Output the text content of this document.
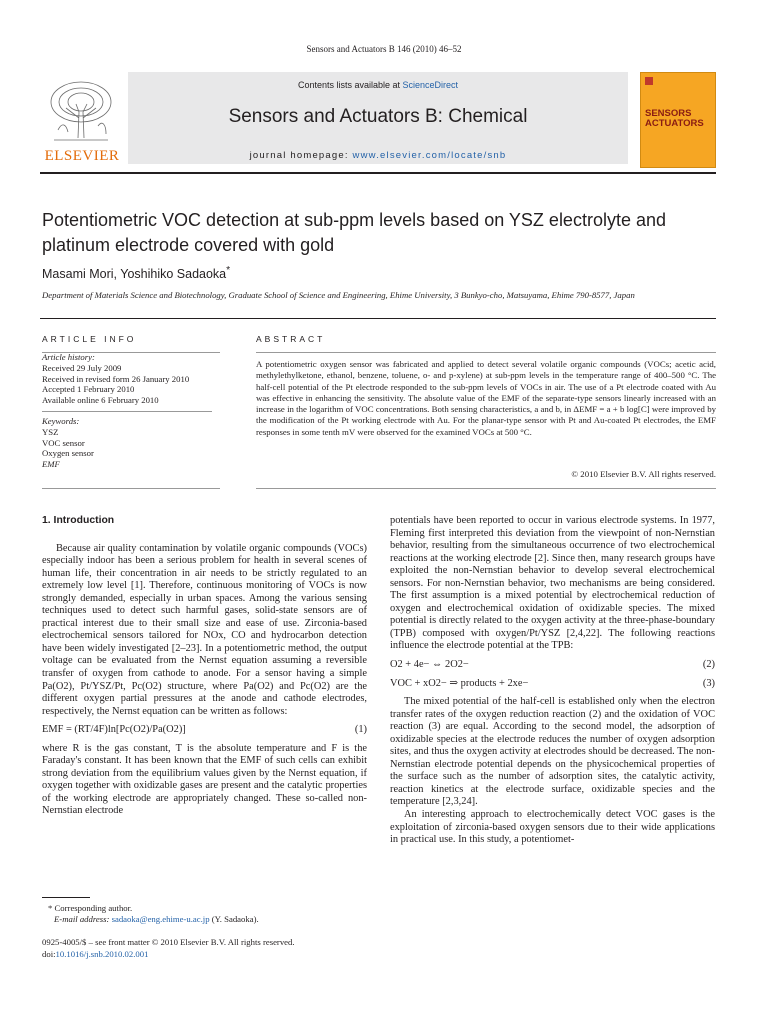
Sensors and Actuators B 146 (2010) 46–52
ELSEVIER
Contents lists available at ScienceDirect
Sensors and Actuators B: Chemical
journal homepage: www.elsevier.com/locate/snb
SENSORS
ACTUATORS
Potentiometric VOC detection at sub-ppm levels based on YSZ electrolyte and platinum electrode covered with gold
Masami Mori, Yoshihiko Sadaoka*
Department of Materials Science and Biotechnology, Graduate School of Science and Engineering, Ehime University, 3 Bunkyo-cho, Matsuyama, Ehime 790-8577, Japan
ARTICLE INFO	ABSTRACT
Article history:
Received 29 July 2009
Received in revised form 26 January 2010
Accepted 1 February 2010
Available online 6 February 2010
Keywords:
YSZ
VOC sensor
Oxygen sensor
EMF
A potentiometric oxygen sensor was fabricated and applied to detect several volatile organic compounds (VOCs; acetic acid, methylethylketone, ethanol, benzene, toluene, o- and p-xylene) at sub-ppm levels in the temperature range of 400–500 °C. The half-cell potential of the Pt electrode responded to the sub-ppm levels of VOCs in air. The use of a Pt electrode coated with Au was effective in enhancing the sensitivity. The absolute value of the EMF of the separate-type sensors linearly increased with an increase in the logarithm of VOC concentrations. Both sensing characteristics, a and b, in ΔEMF = a + b log[C] were improved by the modification of the Pt working electrode with Au. For the planar-type sensor with Pt and Au-coated Pt electrodes, the EMF responses in some tenth mV were observed for the examined VOCs at 500 °C.
© 2010 Elsevier B.V. All rights reserved.
1. Introduction

Because air quality contamination by volatile organic compounds (VOCs) especially indoor has been a serious problem for health in several scenes of human life, their concentration in air needs to be strictly regulated to an extremely low level [1]. Therefore, continuous monitoring of VOCs is now strongly demanded, especially in urban spaces. Among the various sensing techniques used to detect such harmful gases, solid-state sensors are of practical interest due to their small size and ease of use. Zirconia-based electrochemical sensors tailored for NOx, CO and hydrocarbon detection have been widely investigated [2–23]. In a potentiometric method, the output voltage can be evaluated from the Nernst equation assuming a reversible transfer of oxygen from cathode to anode. For a sensor having a simple Pa(O2), Pt/YSZ/Pt, Pc(O2) structure, where Pa(O2) and Pc(O2) are the different oxygen partial pressures at the anode and cathode electrodes, respectively, the Nernst equation can be written as follows:

EMF = (RT/4F)ln[Pc(O2)/Pa(O2)]	(1)

where R is the gas constant, T is the absolute temperature and F is the Faraday's constant. It has been known that the EMF of such cells can exhibit strong deviation from the equilibrium values given by the Nernst equation, if oxygen together with oxidizable gases are present and the catalytic properties of the working electrode are appropriately changed. These so-called non-Nernstian electrode

potentials have been reported to occur in various electrode systems. In 1977, Fleming first interpreted this deviation from the viewpoint of non-Nernstian behavior, resulting from the simultaneous occurrence of two electrochemical reactions at the working electrode [2]. Since then, many research groups have exploited the non-Nernstian behavior to develop several electrochemical sensors. For non-Nernstian behavior, two mechanisms are being considered. The first assumption is a mixed potential by electrochemical reduction of oxygen and electrochemical oxidation of oxidizable species. The mixed potential is directly related to the oxygen activity at the three-phase-boundary (TPB) composed with oxygen/Pt/YSZ [2,4,22]. The following reactions influence the electrode potential at the TPB:

O2 + 4e− ⇔ 2O2−	(2)
VOC + xO2− ⇒ products + 2xe−	(3)

The mixed potential of the half-cell is established only when the electron transfer rates of the oxygen reduction reaction (2) and the oxidation of VOC reaction (3) are equal. According to the second model, the adsorption of oxidizable species at the electrode reduces the number of oxygen adsorption sites, and thus the oxygen activity at electrodes should be decreased. The non-Nernstian electrode potential depends on the physicochemical properties of the surface such as the number of adsorption sites, the catalytic activity, reaction kinetics at the electrode surface, oxidizable species and the temperature [2,3,24].

An interesting approach to electrochemically detect VOC gases is the exploitation of zirconia-based oxygen sensors due to their wide applications in practical use. In this study, a potentiomet-

* Corresponding author.
E-mail address: sadaoka@eng.ehime-u.ac.jp (Y. Sadaoka).
0925-4005/$ – see front matter © 2010 Elsevier B.V. All rights reserved.
doi:10.1016/j.snb.2010.02.001
